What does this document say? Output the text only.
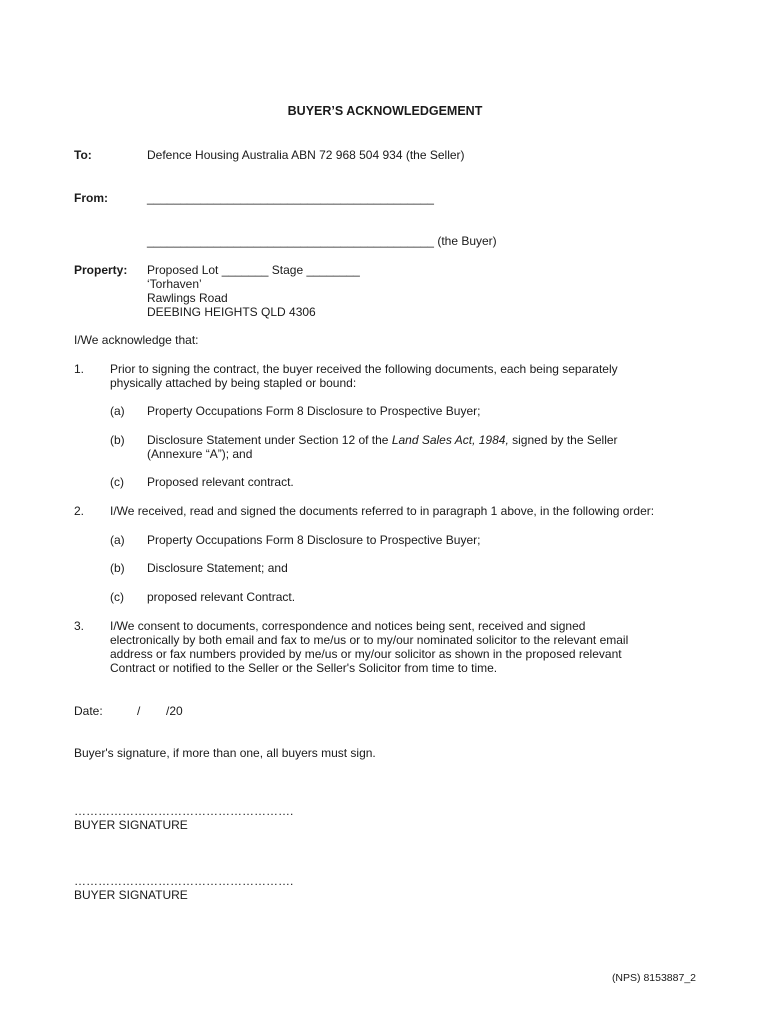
BUYER’S ACKNOWLEDGEMENT
To:	Defence Housing Australia ABN 72 968 504 934 (the Seller)
From:	___________________________________________
___________________________________________ (the Buyer)
Property: Proposed Lot _______ Stage ________
‘Torhaven’
Rawlings Road
DEEBING HEIGHTS QLD 4306
I/We acknowledge that:
1. Prior to signing the contract, the buyer received the following documents, each being separately
physically attached by being stapled or bound:
(a) Property Occupations Form 8 Disclosure to Prospective Buyer;
(b) Disclosure Statement under Section 12 of the Land Sales Act, 1984, signed by the Seller
(Annexure “A”); and
(c) Proposed relevant contract.
2. I/We received, read and signed the documents referred to in paragraph 1 above, in the following order:
(a) Property Occupations Form 8 Disclosure to Prospective Buyer;
(b) Disclosure Statement; and
(c) proposed relevant Contract.
3. I/We consent to documents, correspondence and notices being sent, received and signed
electronically by both email and fax to me/us or to my/our nominated solicitor to the relevant email
address or fax numbers provided by me/us or my/our solicitor as shown in the proposed relevant
Contract or notified to the Seller or the Seller's Solicitor from time to time.
Date:	/ /20
Buyer's signature, if more than one, all buyers must sign.
……………………………………………….
BUYER SIGNATURE
……………………………………………….
BUYER SIGNATURE
(NPS) 8153887_2
